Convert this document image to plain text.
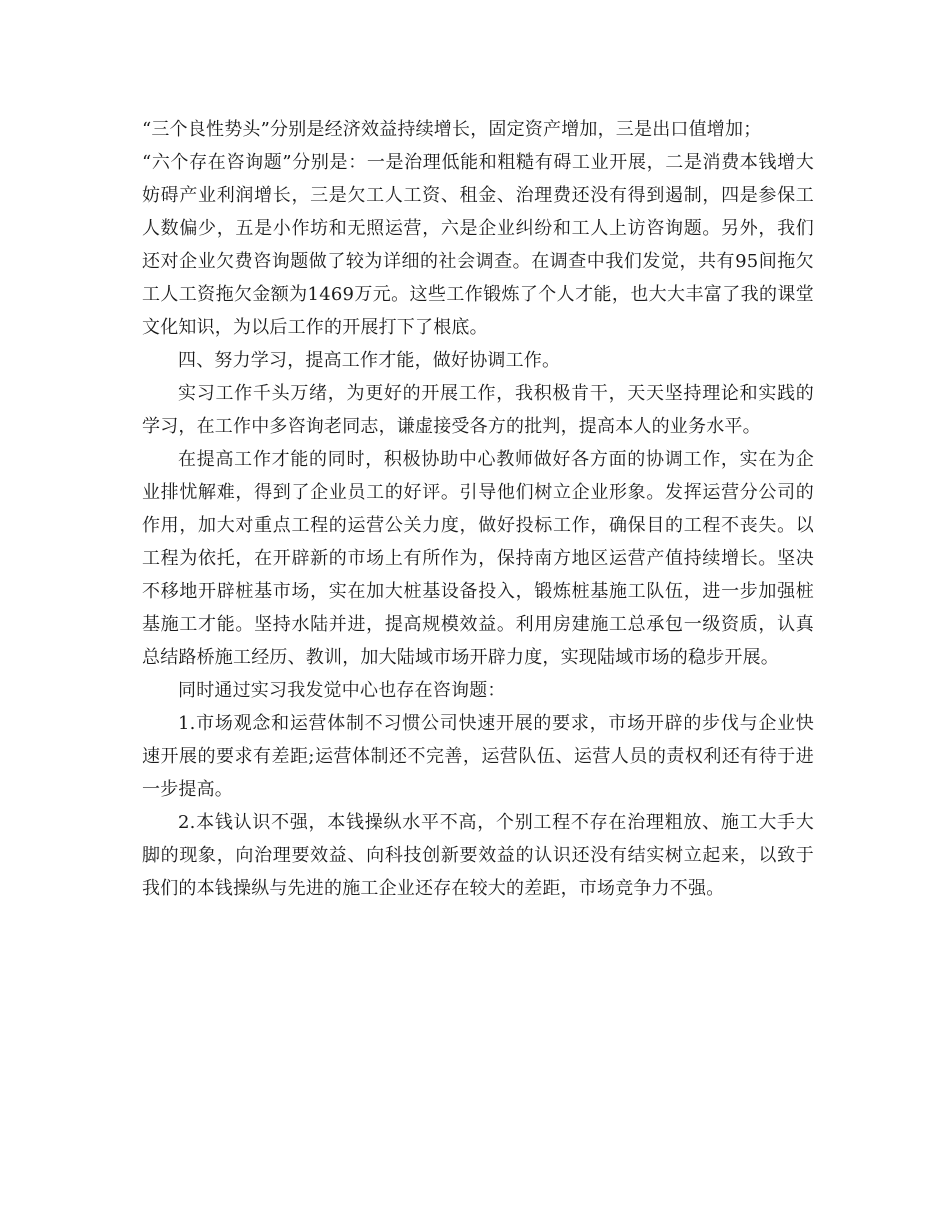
“三个良性势头”分别是经济效益持续增长，固定资产增加，三是出口值增加；

“六个存在咨询题”分别是：一是治理低能和粗糙有碍工业开展，二是消费本钱增大妨碍产业利润增长，三是欠工人工资、租金、治理费还没有得到遏制，四是参保工人数偏少，五是小作坊和无照运营，六是企业纠纷和工人上访咨询题。另外，我们还对企业欠费咨询题做了较为详细的社会调查。在调查中我们发觉，共有95间拖欠工人工资拖欠金额为1469万元。这些工作锻炼了个人才能，也大大丰富了我的课堂文化知识，为以后工作的开展打下了根底。

四、努力学习，提高工作才能，做好协调工作。

实习工作千头万绪，为更好的开展工作，我积极肯干，天天坚持理论和实践的学习，在工作中多咨询老同志，谦虚接受各方的批判，提高本人的业务水平。

在提高工作才能的同时，积极协助中心教师做好各方面的协调工作，实在为企业排忧解难，得到了企业员工的好评。引导他们树立企业形象。发挥运营分公司的作用，加大对重点工程的运营公关力度，做好投标工作，确保目的工程不丧失。以工程为依托，在开辟新的市场上有所作为，保持南方地区运营产值持续增长。坚决不移地开辟桩基市场，实在加大桩基设备投入，锻炼桩基施工队伍，进一步加强桩基施工才能。坚持水陆并进，提高规模效益。利用房建施工总承包一级资质，认真总结路桥施工经历、教训，加大陆域市场开辟力度，实现陆域市场的稳步开展。

同时通过实习我发觉中心也存在咨询题：

1.市场观念和运营体制不习惯公司快速开展的要求，市场开辟的步伐与企业快速开展的要求有差距;运营体制还不完善，运营队伍、运营人员的责权利还有待于进一步提高。

2.本钱认识不强，本钱操纵水平不高，个别工程不存在治理粗放、施工大手大脚的现象，向治理要效益、向科技创新要效益的认识还没有结实树立起来，以致于我们的本钱操纵与先进的施工企业还存在较大的差距，市场竞争力不强。
